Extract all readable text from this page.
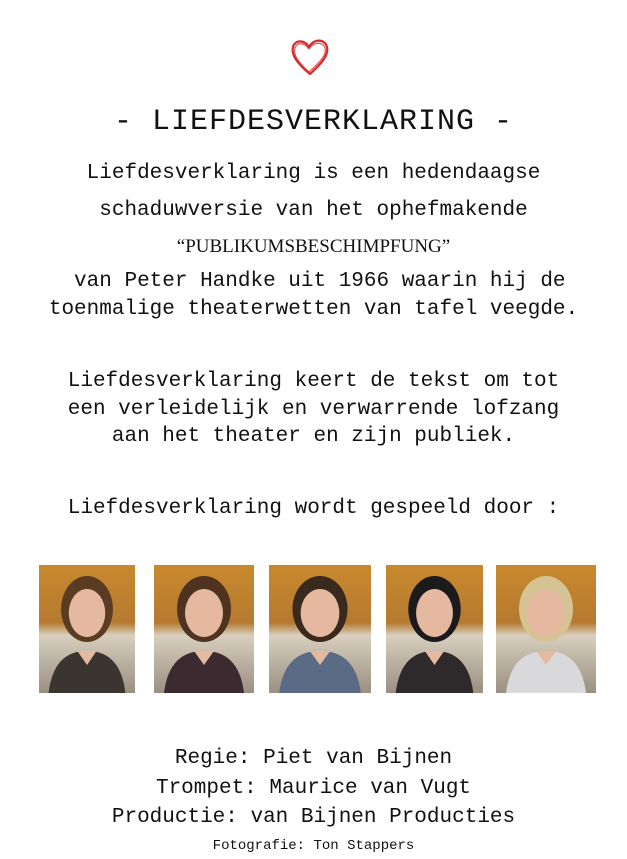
- LIEFDESVERKLARING -
Liefdesverklaring is een hedendaagse
schaduwversie van het ophefmakende
“PUBLIKUMSBESCHIMPFUNG”
van Peter Handke uit 1966 waarin hij de
toenmalige theaterwetten van tafel veegde.
Liefdesverklaring keert de tekst om tot
een verleidelijk en verwarrende lofzang
aan het theater en zijn publiek.
Liefdesverklaring wordt gespeeld door :
Regie: Piet van Bijnen
Trompet: Maurice van Vugt
Productie: van Bijnen Producties
Fotografie: Ton Stappers
